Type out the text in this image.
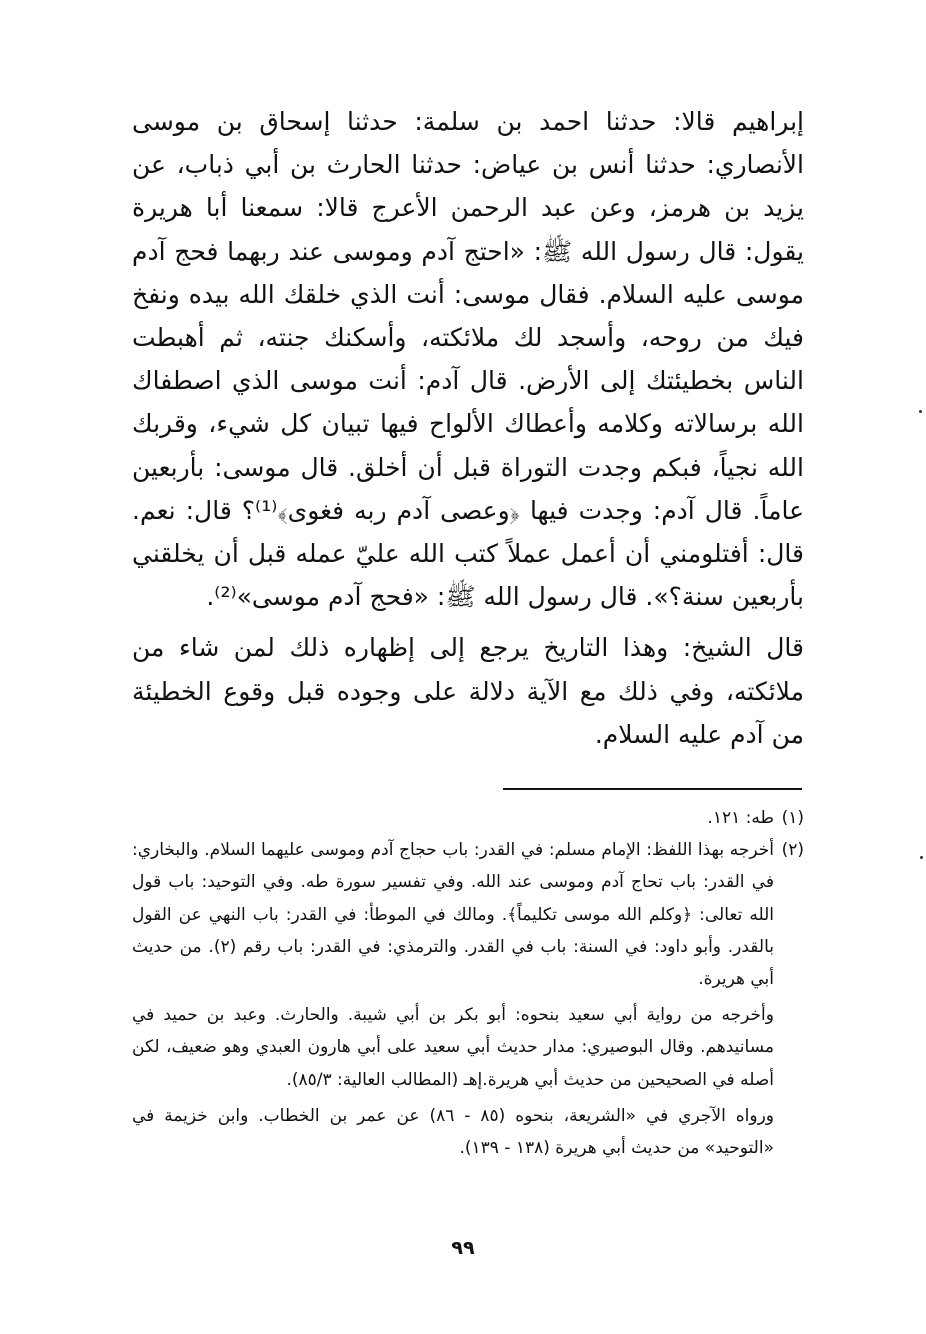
إبراهيم قالا: حدثنا احمد بن سلمة: حدثنا إسحاق بن موسى الأنصاري: حدثنا أنس بن عياض: حدثنا الحارث بن أبي ذباب، عن يزيد بن هرمز، وعن عبد الرحمن الأعرج قالا: سمعنا أبا هريرة يقول: قال رسول الله ﷺ: «احتج آدم وموسى عند ربهما فحج آدم موسى عليه السلام. فقال موسى: أنت الذي خلقك الله بيده ونفخ فيك من روحه، وأسجد لك ملائكته، وأسكنك جنته، ثم أهبطت الناس بخطيئتك إلى الأرض. قال آدم: أنت موسى الذي اصطفاك الله برسالاته وكلامه وأعطاك الألواح فيها تبيان كل شيء، وقربك الله نجياً، فبكم وجدت التوراة قبل أن أخلق. قال موسى: بأربعين عاماً. قال آدم: وجدت فيها ﴿وعصى آدم ربه فغوى﴾⁽¹⁾؟ قال: نعم. قال: أفتلومني أن أعمل عملاً كتب الله عليّ عمله قبل أن يخلقني بأربعين سنة؟». قال رسول الله ﷺ: «فحج آدم موسى»⁽²⁾.

قال الشيخ: وهذا التاريخ يرجع إلى إظهاره ذلك لمن شاء من ملائكته، وفي ذلك مع الآية دلالة على وجوده قبل وقوع الخطيئة من آدم عليه السلام.

(١)

طه: ١٢١.

(٢)

أخرجه بهذا اللفظ: الإمام مسلم: في القدر: باب حجاج آدم وموسى عليهما السلام. والبخاري: في القدر: باب تحاج آدم وموسى عند الله. وفي تفسير سورة طه. وفي التوحيد: باب قول الله تعالى: ﴿وكلم الله موسى تكليماً﴾. ومالك في الموطأ: في القدر: باب النهي عن القول بالقدر. وأبو داود: في السنة: باب في القدر. والترمذي: في القدر: باب رقم (٢). من حديث أبي هريرة.

وأخرجه من رواية أبي سعيد بنحوه: أبو بكر بن أبي شيبة. والحارث. وعبد بن حميد في مسانيدهم. وقال البوصيري: مدار حديث أبي سعيد على أبي هارون العبدي وهو ضعيف، لكن أصله في الصحيحين من حديث أبي هريرة.إهـ (المطالب العالية: ٨٥/٣).

ورواه الآجري في «الشريعة، بنحوه (٨٥ - ٨٦) عن عمر بن الخطاب. وابن خزيمة في «التوحيد» من حديث أبي هريرة (١٣٨ - ١٣٩).

٩٩
